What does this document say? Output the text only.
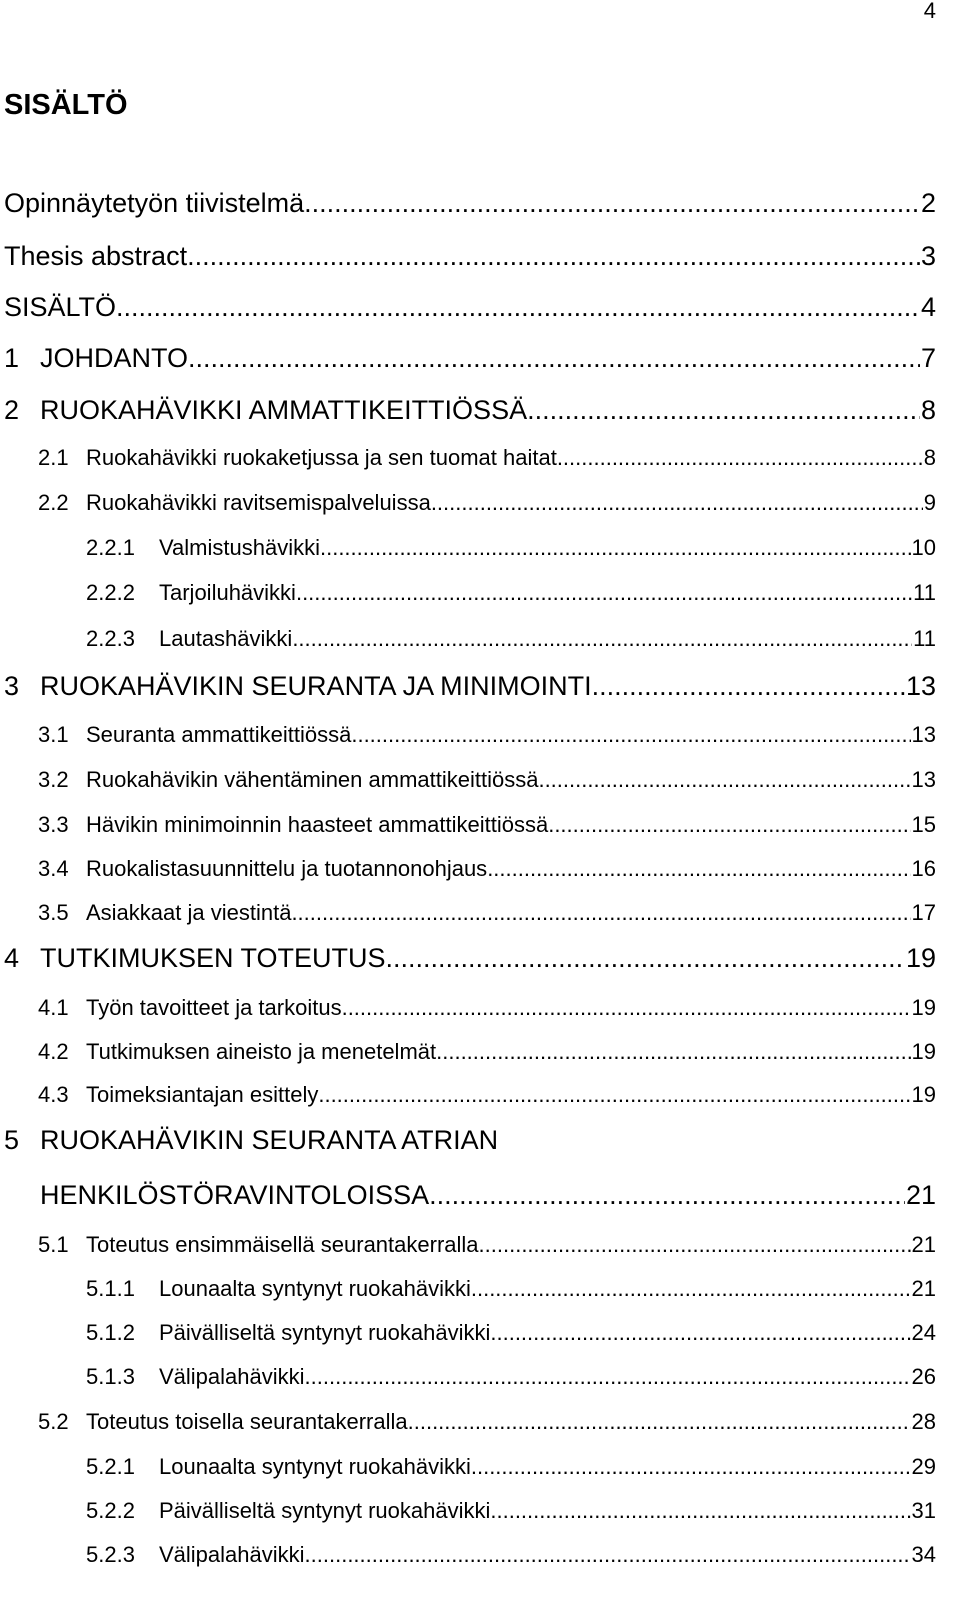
4
SISÄLTÖ
Opinnäytetyön tiivistelmä .....	2
Thesis abstract .....	3
SISÄLTÖ .....	4
1 JOHDANTO .....	7
2 RUOKAHÄVIKKI AMMATTIKEITTIÖSSÄ .....	8
2.1 Ruokahävikki ruokaketjussa ja sen tuomat haitat .....	8
2.2 Ruokahävikki ravitsemispalveluissa .....	9
2.2.1	Valmistushävikki .....	10
2.2.2	Tarjoiluhävikki .....	11
2.2.3	Lautashävikki .....	11
3 RUOKAHÄVIKIN SEURANTA JA MINIMOINTI .....	13
3.1 Seuranta ammattikeittiössä .....	13
3.2 Ruokahävikin vähentäminen ammattikeittiössä .....	13
3.3 Hävikin minimoinnin haasteet ammattikeittiössä .....	15
3.4 Ruokalistasuunnittelu ja tuotannonohjaus .....	16
3.5 Asiakkaat ja viestintä .....	17
4 TUTKIMUKSEN TOTEUTUS .....	19
4.1 Työn tavoitteet ja tarkoitus .....	19
4.2 Tutkimuksen aineisto ja menetelmät .....	19
4.3 Toimeksiantajan esittely .....	19
5 RUOKAHÄVIKIN SEURANTA ATRIAN
HENKILÖSTÖRAVINTOLOISSA .....	21
5.1 Toteutus ensimmäisellä seurantakerralla .....	21
5.1.1	Lounaalta syntynyt ruokahävikki .....	21
5.1.2	Päivälliseltä syntynyt ruokahävikki .....	24
5.1.3	Välipalahävikki .....	26
5.2 Toteutus toisella seurantakerralla .....	28
5.2.1	Lounaalta syntynyt ruokahävikki .....	29
5.2.2	Päivälliseltä syntynyt ruokahävikki .....	31
5.2.3	Välipalahävikki .....	34
